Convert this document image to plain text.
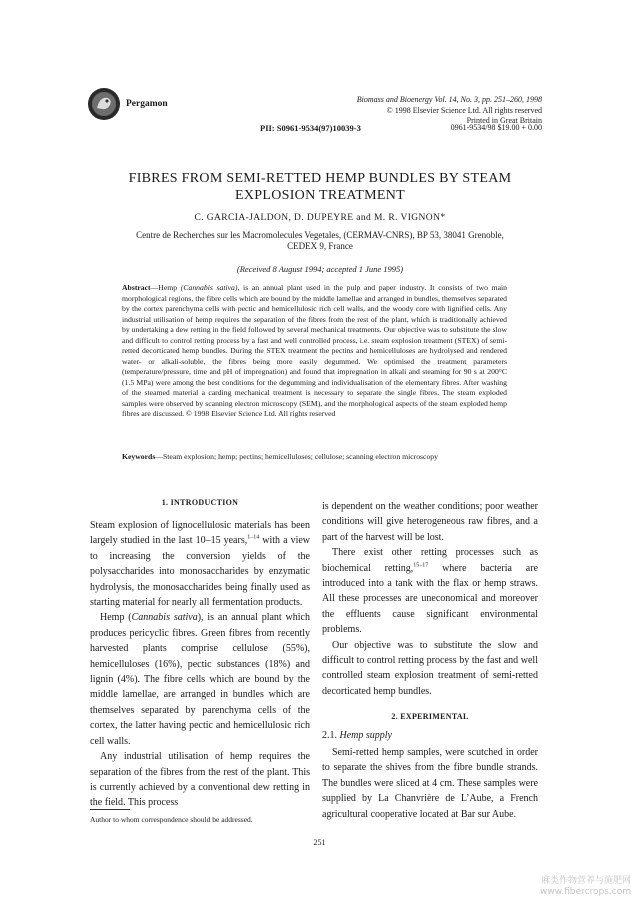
Pergamon	Biomass and Bioenergy Vol. 14, No. 3, pp. 251–260, 1998
© 1998 Elsevier Science Ltd. All rights reserved
Printed in Great Britain
PII: S0961-9534(97)10039-3	0961-9534/98 $19.00 + 0.00
FIBRES FROM SEMI-RETTED HEMP BUNDLES BY STEAM
EXPLOSION TREATMENT
C. GARCIA-JALDON, D. DUPEYRE and M. R. VIGNON*
Centre de Recherches sur les Macromolecules Vegetales, (CERMAV-CNRS), BP 53, 38041 Grenoble,
CEDEX 9, France
(Received 8 August 1994; accepted 1 June 1995)
Abstract—Hemp (Cannabis sativa), is an annual plant used in the pulp and paper industry. It consists of two main morphological regions, the fibre cells which are bound by the middle lamellae and arranged in bundles, themselves separated by the cortex parenchyma cells with pectic and hemicellulosic rich cell walls, and the woody core with lignified cells. Any industrial utilisation of hemp requires the separation of the fibres from the rest of the plant, which is traditionally achieved by undertaking a dew retting in the field followed by several mechanical treatments. Our objective was to substitute the slow and difficult to control retting process by a fast and well controlled process, i.e. steam explosion treatment (STEX) of semi-retted decorticated hemp bundles. During the STEX treatment the pectins and hemicelluloses are hydrolysed and rendered water- or alkali-soluble, the fibres being more easily degummed. We optimised the treatment parameters (temperature/pressure, time and pH of impregnation) and found that impregnation in alkali and steaming for 90 s at 200°C (1.5 MPa) were among the best conditions for the degumming and individualisation of the elementary fibres. After washing of the steamed material a carding mechanical treatment is necessary to separate the single fibres. The steam exploded samples were observed by scanning electron microscopy (SEM), and the morphological aspects of the steam exploded hemp fibres are discussed. © 1998 Elsevier Science Ltd. All rights reserved
Keywords—Steam explosion; hemp; pectins; hemicelluloses; cellulose; scanning electron microscopy
1. INTRODUCTION

Steam explosion of lignocellulosic materials has been largely studied in the last 10–15 years,$^{1-14}$ with a view to increasing the conversion yields of the polysaccharides into monosaccharides by enzymatic hydrolysis, the monosaccharides being finally used as starting material for nearly all fermentation products.

Hemp (Cannabis sativa), is an annual plant which produces pericyclic fibres. Green fibres from recently harvested plants comprise cellulose (55%), hemicelluloses (16%), pectic substances (18%) and lignin (4%). The fibre cells which are bound by the middle lamellae, are arranged in bundles which are themselves separated by parenchyma cells of the cortex, the latter having pectic and hemicellulosic rich cell walls.

Any industrial utilisation of hemp requires the separation of the fibres from the rest of the plant. This is currently achieved by a conventional dew retting in the field. This process

is dependent on the weather conditions; poor weather conditions will give heterogeneous raw fibres, and a part of the harvest will be lost.

There exist other retting processes such as biochemical retting,$^{15-17}$ where bacteria are introduced into a tank with the flax or hemp straws. All these processes are uneconomical and moreover the effluents cause significant environmental problems.

Our objective was to substitute the slow and difficult to control retting process by the fast and well controlled steam explosion treatment of semi-retted decorticated hemp bundles.

2. EXPERIMENTAL
2.1. Hemp supply

Semi-retted hemp samples, were scutched in order to separate the shives from the fibre bundle strands. The bundles were sliced at 4 cm. These samples were supplied by La Chanvrière de L’Aube, a French agricultural cooperative located at Bar sur Aube.

Author to whom correspondence should be addressed.
251
麻类作物营养与施肥网
www.fibercrops.com
